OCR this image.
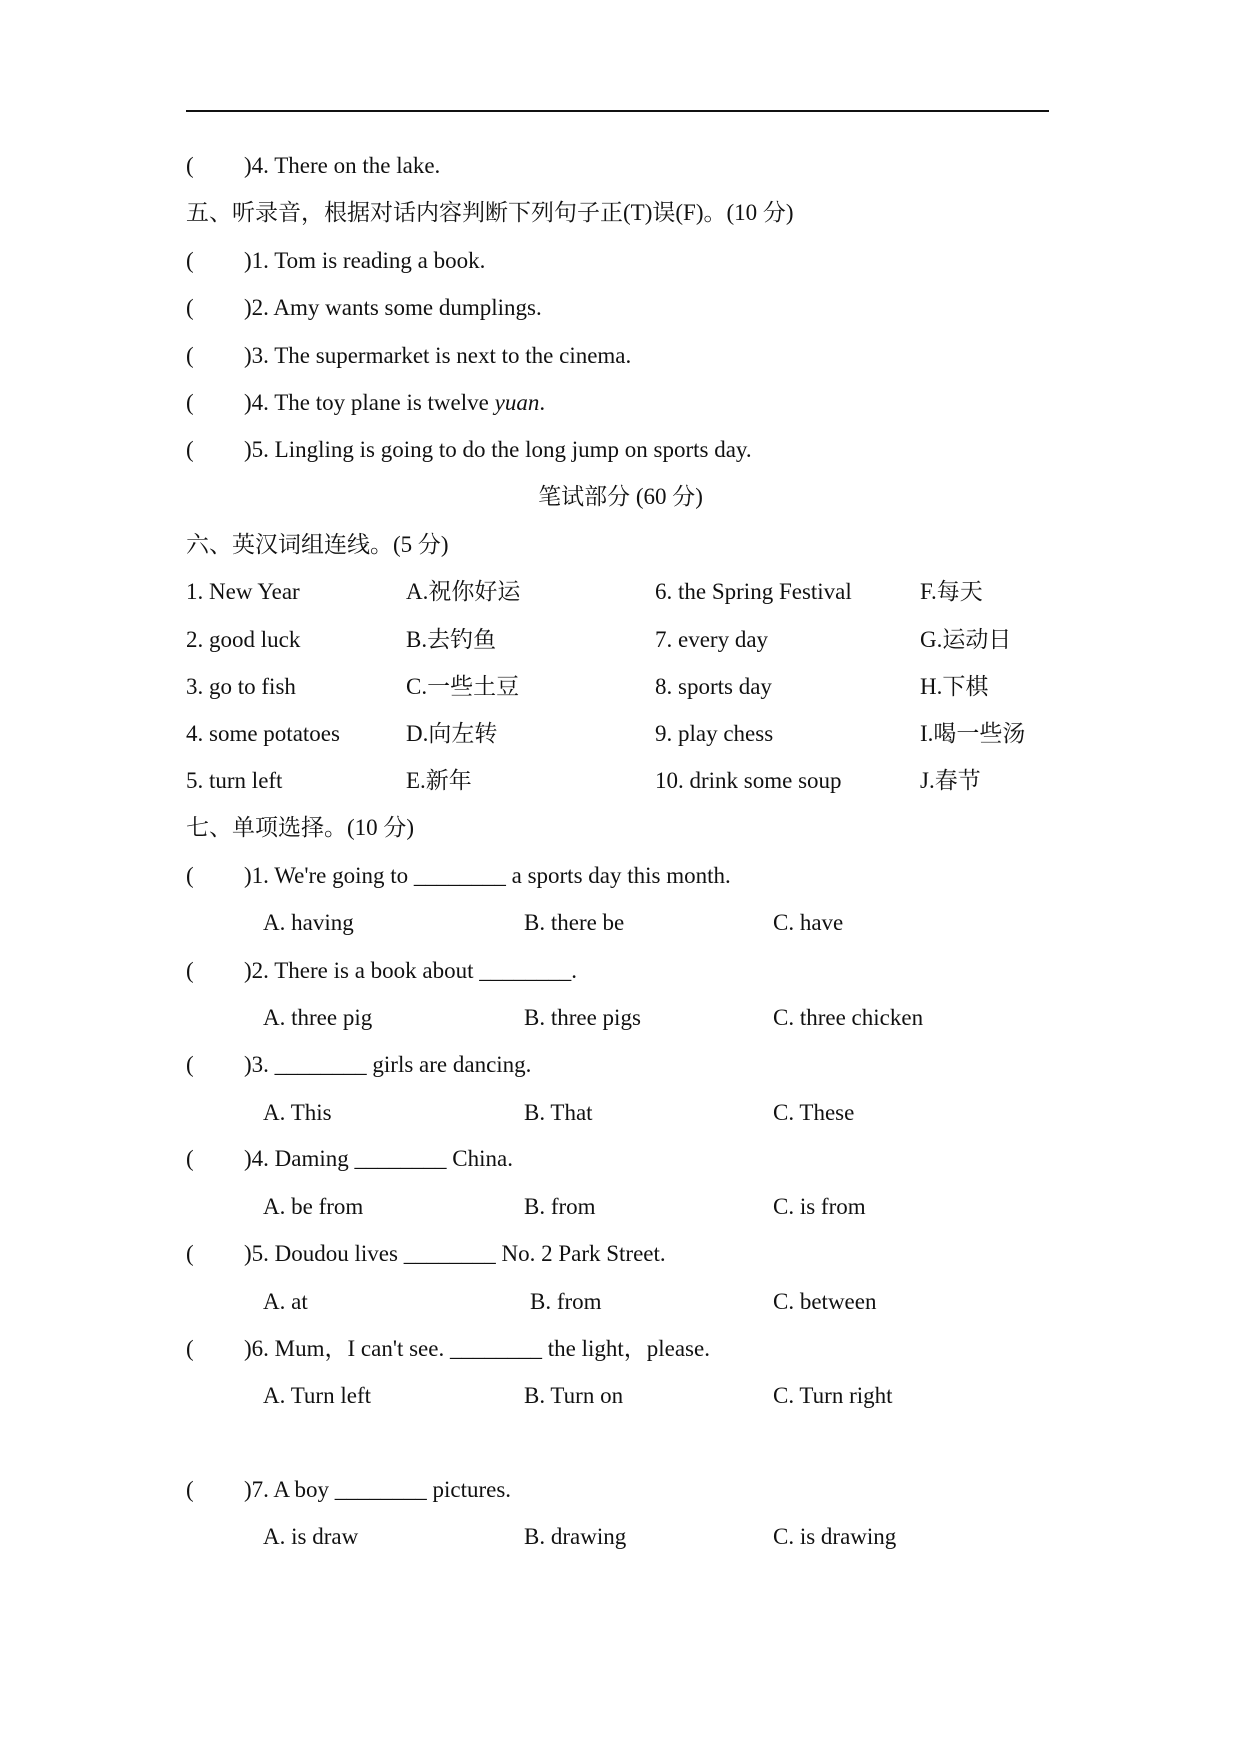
( )4. There on the lake.
五、听录音，根据对话内容判断下列句子正(T)误(F)。(10 分)
( )1. Tom is reading a book.
( )2. Amy wants some dumplings.
( )3. The supermarket is next to the cinema.
( )4. The toy plane is twelve yuan.
( )5. Lingling is going to do the long jump on sports day.
笔试部分 (60 分)
六、英汉词组连线。(5 分)
1. New Year	A.祝你好运	6. the Spring Festival	F.每天
2. good luck	B.去钓鱼	7. every day	G.运动日
3. go to fish	C.一些土豆	8. sports day	H.下棋
4. some potatoes	D.向左转	9. play chess	I.喝一些汤
5. turn left	E.新年	10. drink some soup	J.春节
七、单项选择。(10 分)
( )1. We're going to ________ a sports day this month.
A. having	B. there be	C. have
( )2. There is a book about ________.
A. three pig	B. three pigs	C. three chicken
( )3. ________ girls are dancing.
A. This	B. That	C. These
( )4. Daming ________ China.
A. be from	B. from	C. is from
( )5. Doudou lives ________ No. 2 Park Street.
A. at	B. from	C. between
( )6. Mum，I can't see. ________ the light，please.
A. Turn left	B. Turn on	C. Turn right
( )7. A boy ________ pictures.
A. is draw	B. drawing	C. is drawing
